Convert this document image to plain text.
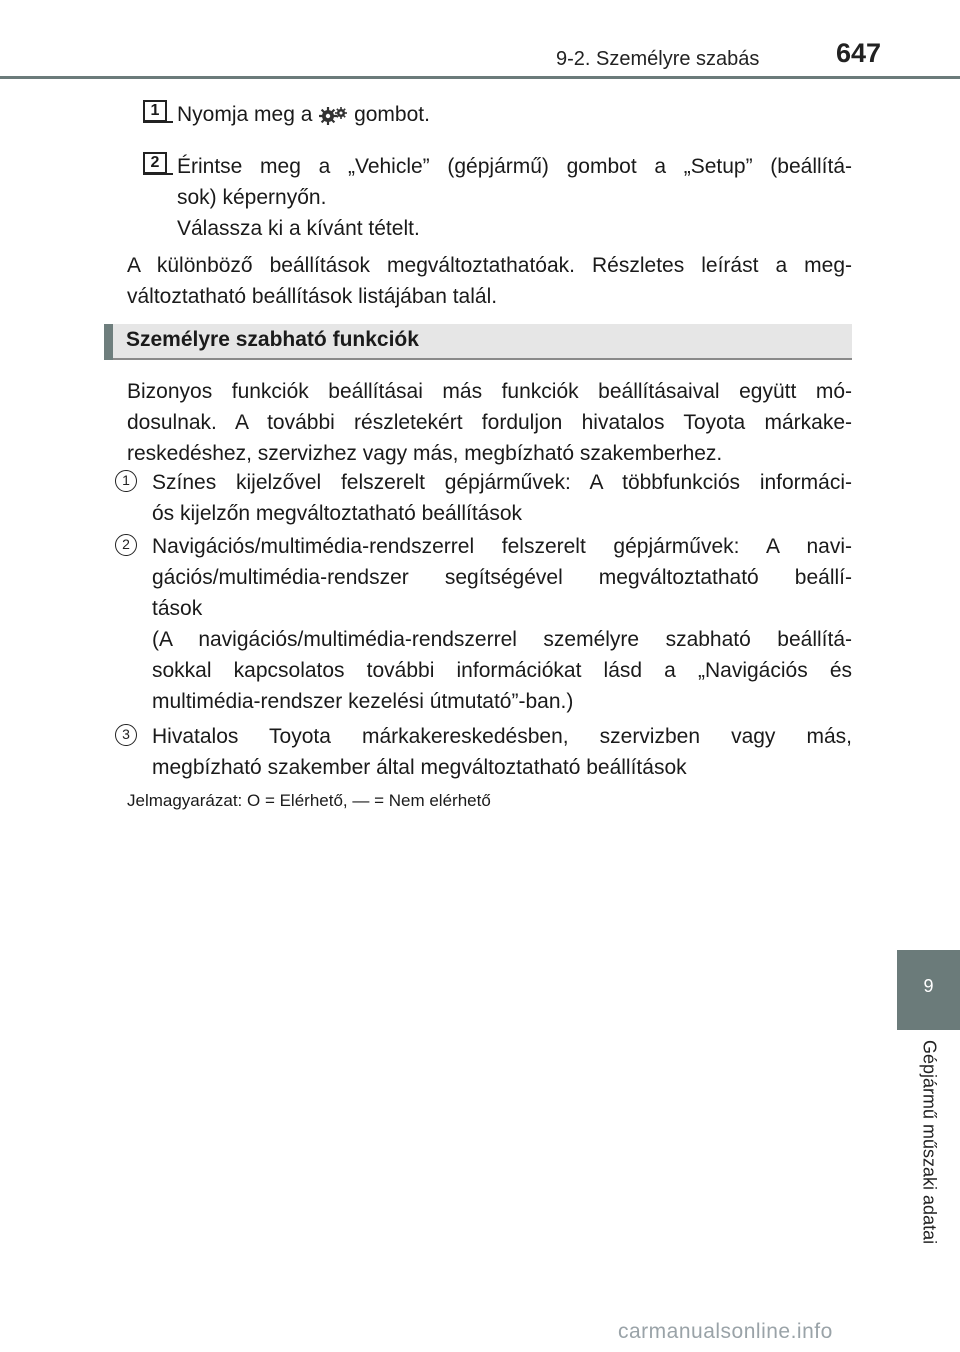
9-2. Személyre szabás	647
1 Nyomja meg a gombot.

2 Érintse meg a „Vehicle” (gépjármű) gombot a „Setup” (beállítá-

sok) képernyőn.

Válassza ki a kívánt tételt.

A különböző beállítások megváltoztathatóak. Részletes leírást a meg-

változtatható beállítások listájában talál.

Személyre szabható funkciók

Bizonyos funkciók beállításai más funkciók beállításaival együtt mó-

dosulnak. A további részletekért forduljon hivatalos Toyota márkake-

reskedéshez, szervizhez vagy más, megbízható szakemberhez.

1	Színes kijelzővel felszerelt gépjárművek: A többfunkciós informáci-

ós kijelzőn megváltoztatható beállítások

2	Navigációs/multimédia-rendszerrel felszerelt gépjárművek: A navi-

gációs/multimédia-rendszer segítségével megváltoztatható beállí-

tások

(A navigációs/multimédia-rendszerrel személyre szabható beállítá-

sokkal kapcsolatos további információkat lásd a „Navigációs és

multimédia-rendszer kezelési útmutató”-ban.)

3	Hivatalos Toyota márkakereskedésben, szervizben vagy más,

megbízható szakember által megváltoztatható beállítások

Jelmagyarázat: O = Elérhető, — = Nem elérhető
9
Gépjármű műszaki adatai
carmanualsonline.info
